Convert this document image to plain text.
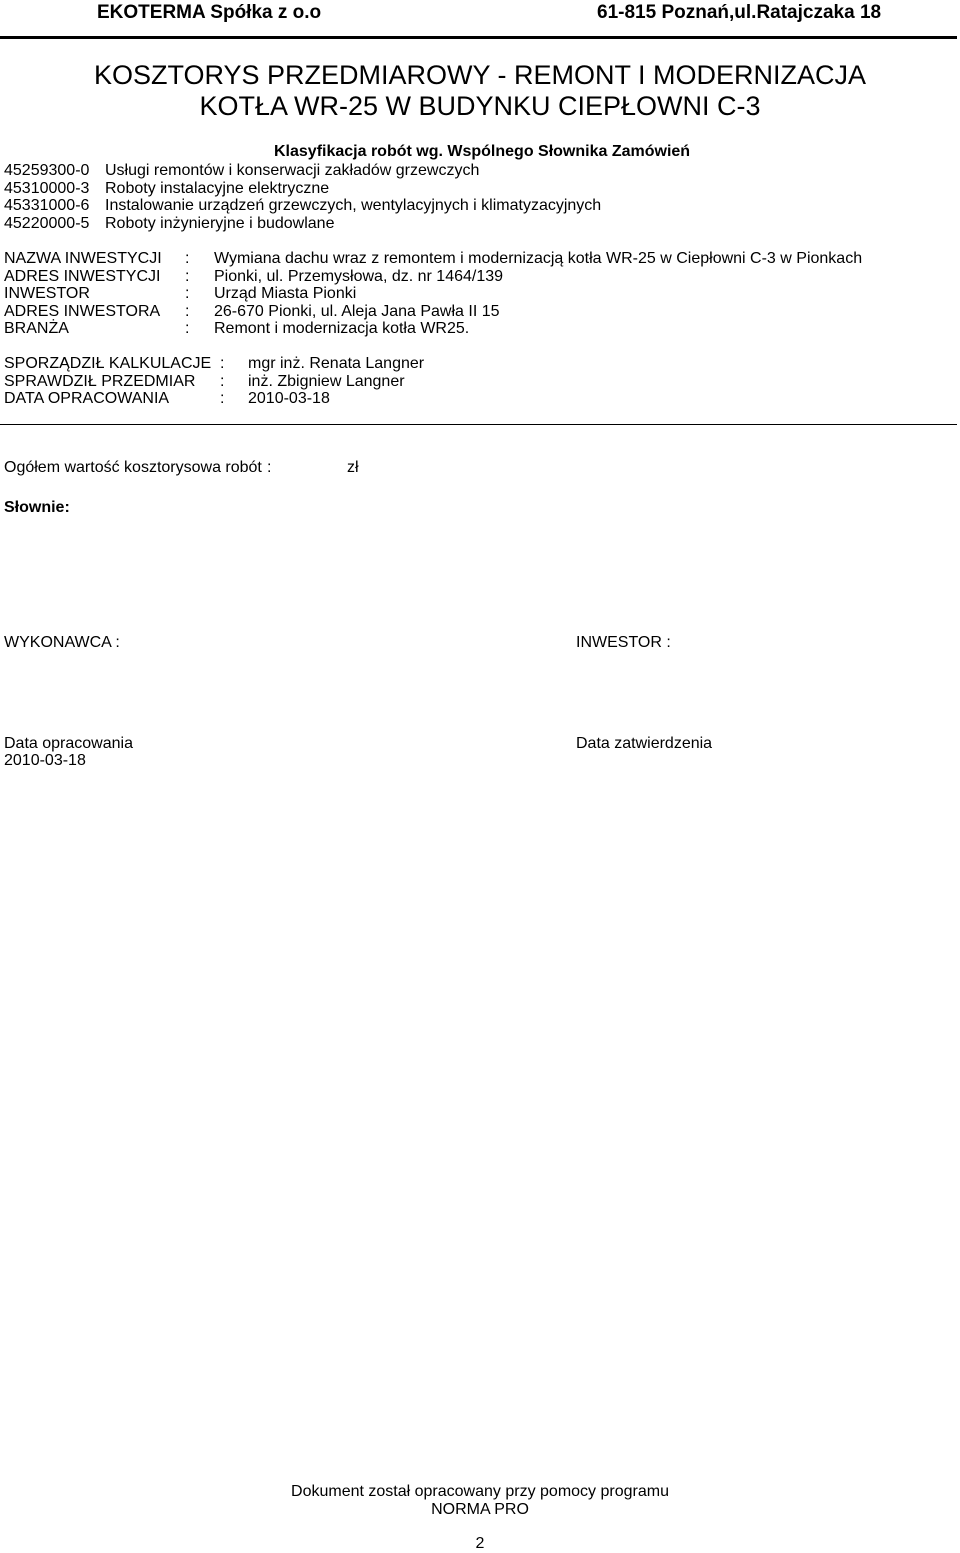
EKOTERMA Spółka z o.o	61-815 Poznań,ul.Ratajczaka 18
KOSZTORYS PRZEDMIAROWY - REMONT I MODERNIZACJA
KOTŁA WR-25 W BUDYNKU CIEPŁOWNI C-3
Klasyfikacja robót wg. Wspólnego Słownika Zamówień
45259300-0 Usługi remontów i konserwacji zakładów grzewczych
45310000-3 Roboty instalacyjne elektryczne
45331000-6 Instalowanie urządzeń grzewczych, wentylacyjnych i klimatyzacyjnych
45220000-5 Roboty inżynieryjne i budowlane
NAZWA INWESTYCJI : Wymiana dachu wraz z remontem i modernizacją kotła WR-25 w Ciepłowni C-3 w Pionkach
ADRES INWESTYCJI : Pionki, ul. Przemysłowa, dz. nr 1464/139
INWESTOR	: Urząd Miasta Pionki
ADRES INWESTORA : 26-670 Pionki, ul. Aleja Jana Pawła II 15
BRANŻA	: Remont i modernizacja kotła WR25.
SPORZĄDZIŁ KALKULACJE : mgr inż. Renata Langner
SPRAWDZIŁ PRZEDMIAR : inż. Zbigniew Langner
DATA OPRACOWANIA	: 2010-03-18
Ogółem wartość kosztorysowa robót :	zł
Słownie:
WYKONAWCA :	INWESTOR :
Data opracowania
2010-03-18
Data zatwierdzenia
Dokument został opracowany przy pomocy programu
NORMA PRO
2
